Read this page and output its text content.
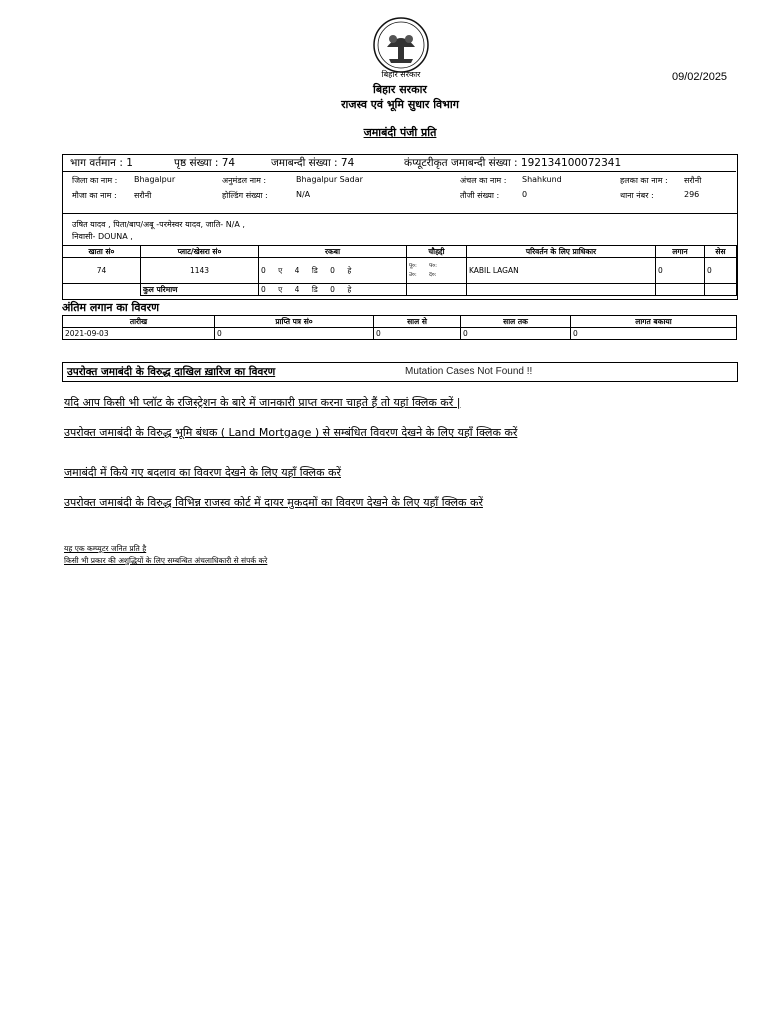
बिहार सरकार	09/02/2025
बिहार सरकार
राजस्व एवं भूमि सुधार विभाग
जमाबंदी पंजी प्रति
भाग वर्तमान : 1	पृष्ठ संख्या : 74	जमाबन्दी संख्या : 74	कंप्यूटरीकृत जमाबन्दी संख्या : 192134100072341
जिला का नाम : Bhagalpur	अनुमंडल नाम :	Bhagalpur Sadar	अंचल का नाम : Shahkund	हलका का नाम : सरौनी
मौजा का नाम : सरौनी	होल्डिंग संख्या :	N/A	तौजी संख्या :	0	थाना नंबर :	296
उषित यादव , पिता/बाप/अबू -परमेस्वर यादव, जाति- N/A ,
निवासी- DOUNA ,
खाता सं०	प्लाट/खेसरा सं०	रकबा	चौहद्दी	परिवर्तन के लिए प्राधिकार	लगान	सेस
74	1143	0 ए 4 डि 0 हे	पू०: प०:
उ०: द०:	KABIL LAGAN	0	0
	कुल परिमाण	0 ए 4 डि 0 हे				
अंतिम लगान का विवरण
तारीख	प्राप्ति पत्र सं०	साल से	साल तक	लागत बकाया
2021-09-03	0	0	0	0
उपरोक्त जमाबंदी के विरुद्ध दाखिल ख़ारिज का विवरण	Mutation Cases Not Found !!
यदि आप किसी भी प्लॉट के रजिस्ट्रेशन के बारे में जानकारी प्राप्त करना चाहते हैं तो यहां क्लिक करें |
उपरोक्त जमाबंदी के विरुद्ध भूमि बंधक ( Land Mortgage ) से सम्बंधित विवरण देखने के लिए यहाँ क्लिक करें
जमाबंदी में किये गए बदलाव का विवरण देखने के लिए यहाँ क्लिक करें
उपरोक्त जमाबंदी के विरुद्ध विभिन्न राजस्व कोर्ट में दायर मुकदमों का विवरण देखने के लिए यहाँ क्लिक करें
यह एक कम्प्यूटर जनित प्रति है
किसी भी प्रकार की अशुद्धियों के लिए सम्बन्धित अंचलाधिकारी से संपर्क करे
